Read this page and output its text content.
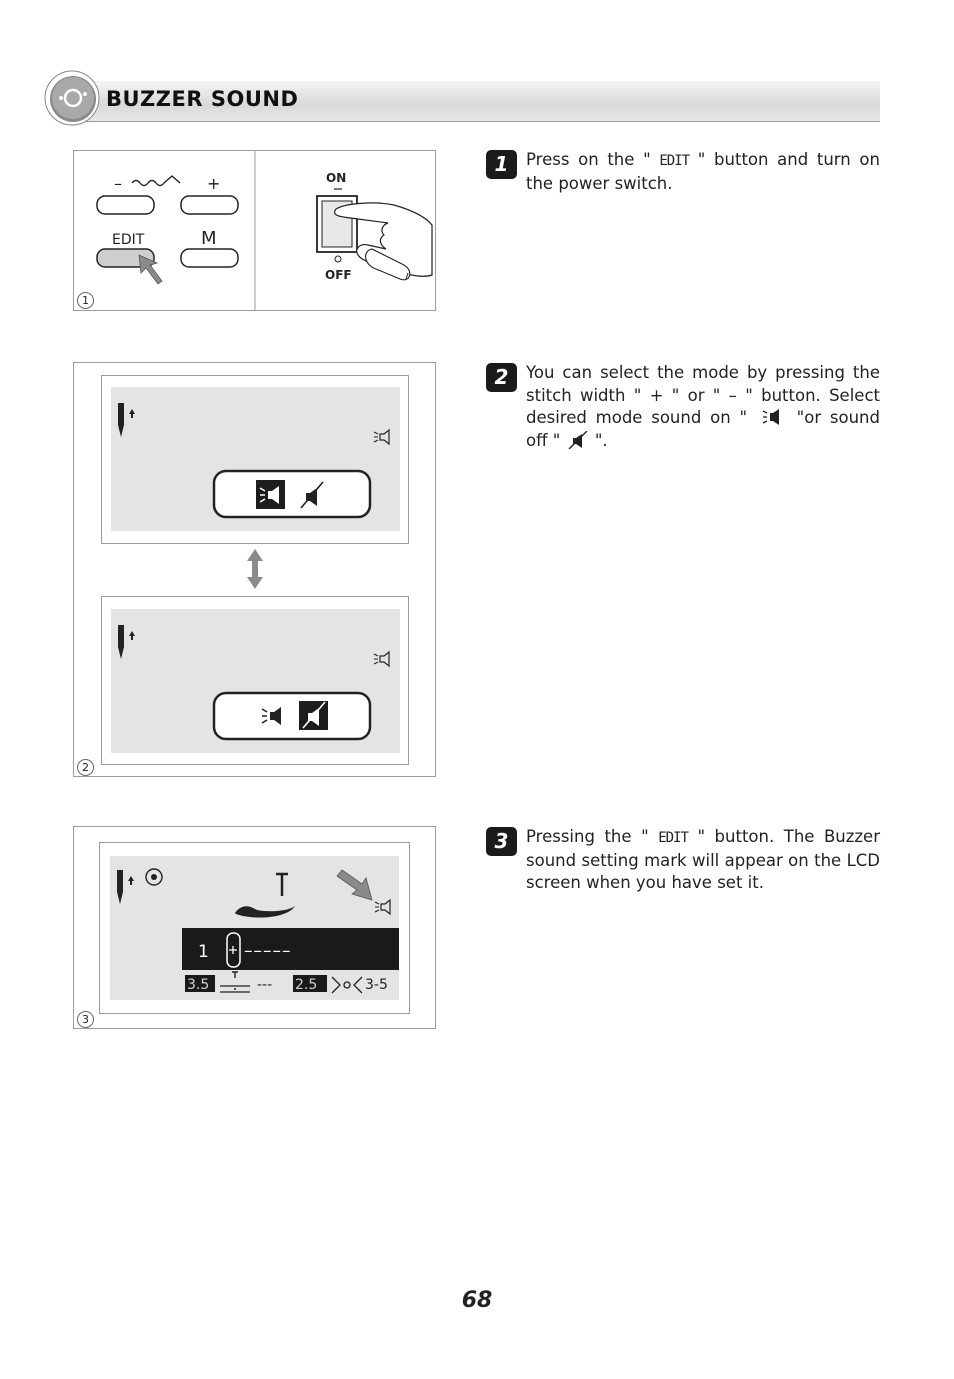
BUZZER SOUND
–	+
EDIT	M
ON
OFF
1
2
1 –––––
3.5	--- 2.5	3-5
3
1	Press on the " EDIT " button and turn on the power switch.
2	You can select the mode by pressing the stitch width " + " or " – " button. Select desired mode sound on "	"or sound off " ".
3	Pressing the " EDIT " button. The Buzzer sound setting mark will appear on the LCD screen when you have set it.
68
